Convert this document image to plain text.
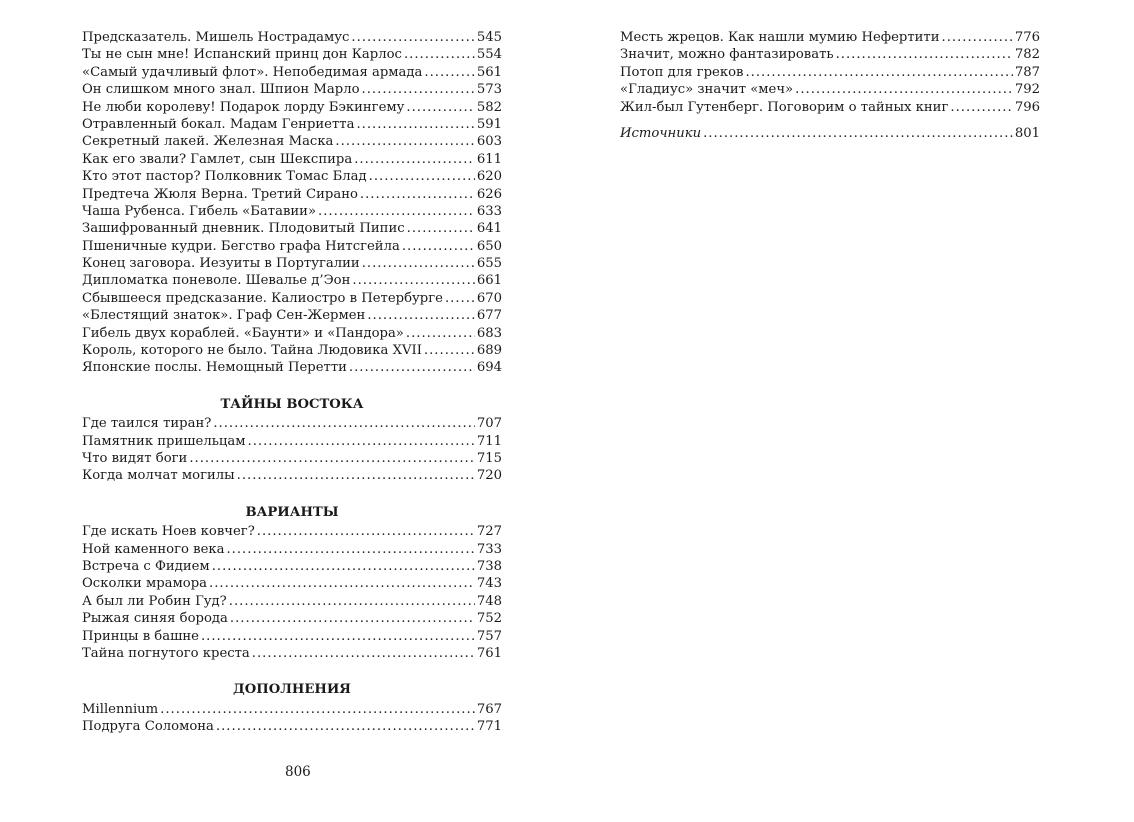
Предсказатель. Мишель Нострадамус .....	545
Ты не сын мне! Испанский принц дон Карлос .....	554
«Самый удачливый флот». Непобедимая армада .....	561
Он слишком много знал. Шпион Марло .....	573
Не люби королеву! Подарок лорду Бэкингему .....	582
Отравленный бокал. Мадам Генриетта .....	591
Секретный лакей. Железная Маска .....	603
Как его звали? Гамлет, сын Шекспира .....	611
Кто этот пастор? Полковник Томас Блад .....	620
Предтеча Жюля Верна. Третий Сирано .....	626
Чаша Рубенса. Гибель «Батавии» .....	633
Зашифрованный дневник. Плодовитый Пипис .....	641
Пшеничные кудри. Бегство графа Нитсгейла .....	650
Конец заговора. Иезуиты в Португалии .....	655
Дипломатка поневоле. Шевалье д’Эон .....	661
Сбывшееся предсказание. Калиостро в Петербурге .....	670
«Блестящий знаток». Граф Сен-Жермен .....	677
Гибель двух кораблей. «Баунти» и «Пандора» .....	683
Король, которого не было. Тайна Людовика XVII .....	689
Японские послы. Немощный Перетти .....	694
ТАЙНЫ ВОСТОКА
Где таился тиран? .....	707
Памятник пришельцам .....	711
Что видят боги .....	715
Когда молчат могилы .....	720
ВАРИАНТЫ
Где искать Ноев ковчег? .....	727
Ной каменного века .....	733
Встреча с Фидием .....	738
Осколки мрамора .....	743
А был ли Робин Гуд? .....	748
Рыжая синяя борода .....	752
Принцы в башне .....	757
Тайна погнутого креста .....	761
ДОПОЛНЕНИЯ
Millennium .....	767
Подруга Соломона .....	771
Месть жрецов. Как нашли мумию Нефертити .....	776
Значит, можно фантазировать .....	782
Потоп для греков .....	787
«Гладиус» значит «меч» .....	792
Жил-был Гутенберг. Поговорим о тайных книг .....	796
Источники .....	801
806
